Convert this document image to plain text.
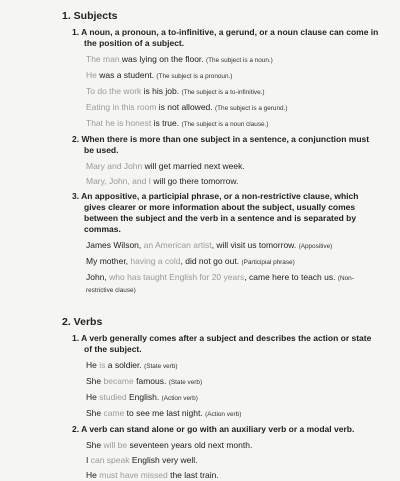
1. Subjects
1. A noun, a pronoun, a to-infinitive, a gerund, or a noun clause can come in the position of a subject.
The man was lying on the floor. (The subject is a noun.)
He was a student. (The subject is a pronoun.)
To do the work is his job. (The subject is a to-infinitive.)
Eating in this room is not allowed. (The subject is a gerund.)
That he is honest is true. (The subject is a noun clause.)
2. When there is more than one subject in a sentence, a conjunction must be used.
Mary and John will get married next week.
Mary, John, and I will go there tomorrow.
3. An appositive, a participial phrase, or a non-restrictive clause, which gives clearer or more information about the subject, usually comes between the subject and the verb in a sentence and is separated by commas.
James Wilson, an American artist, will visit us tomorrow. (Appositive)
My mother, having a cold, did not go out. (Participial phrase)
John, who has taught English for 20 years, came here to teach us. (Non-restrictive clause)
2. Verbs
1. A verb generally comes after a subject and describes the action or state of the subject.
He is a soldier. (State verb)
She became famous. (State verb)
He studied English. (Action verb)
She came to see me last night. (Action verb)
2. A verb can stand alone or go with an auxiliary verb or a modal verb.
She will be seventeen years old next month.
I can speak English very well.
He must have missed the last train.
